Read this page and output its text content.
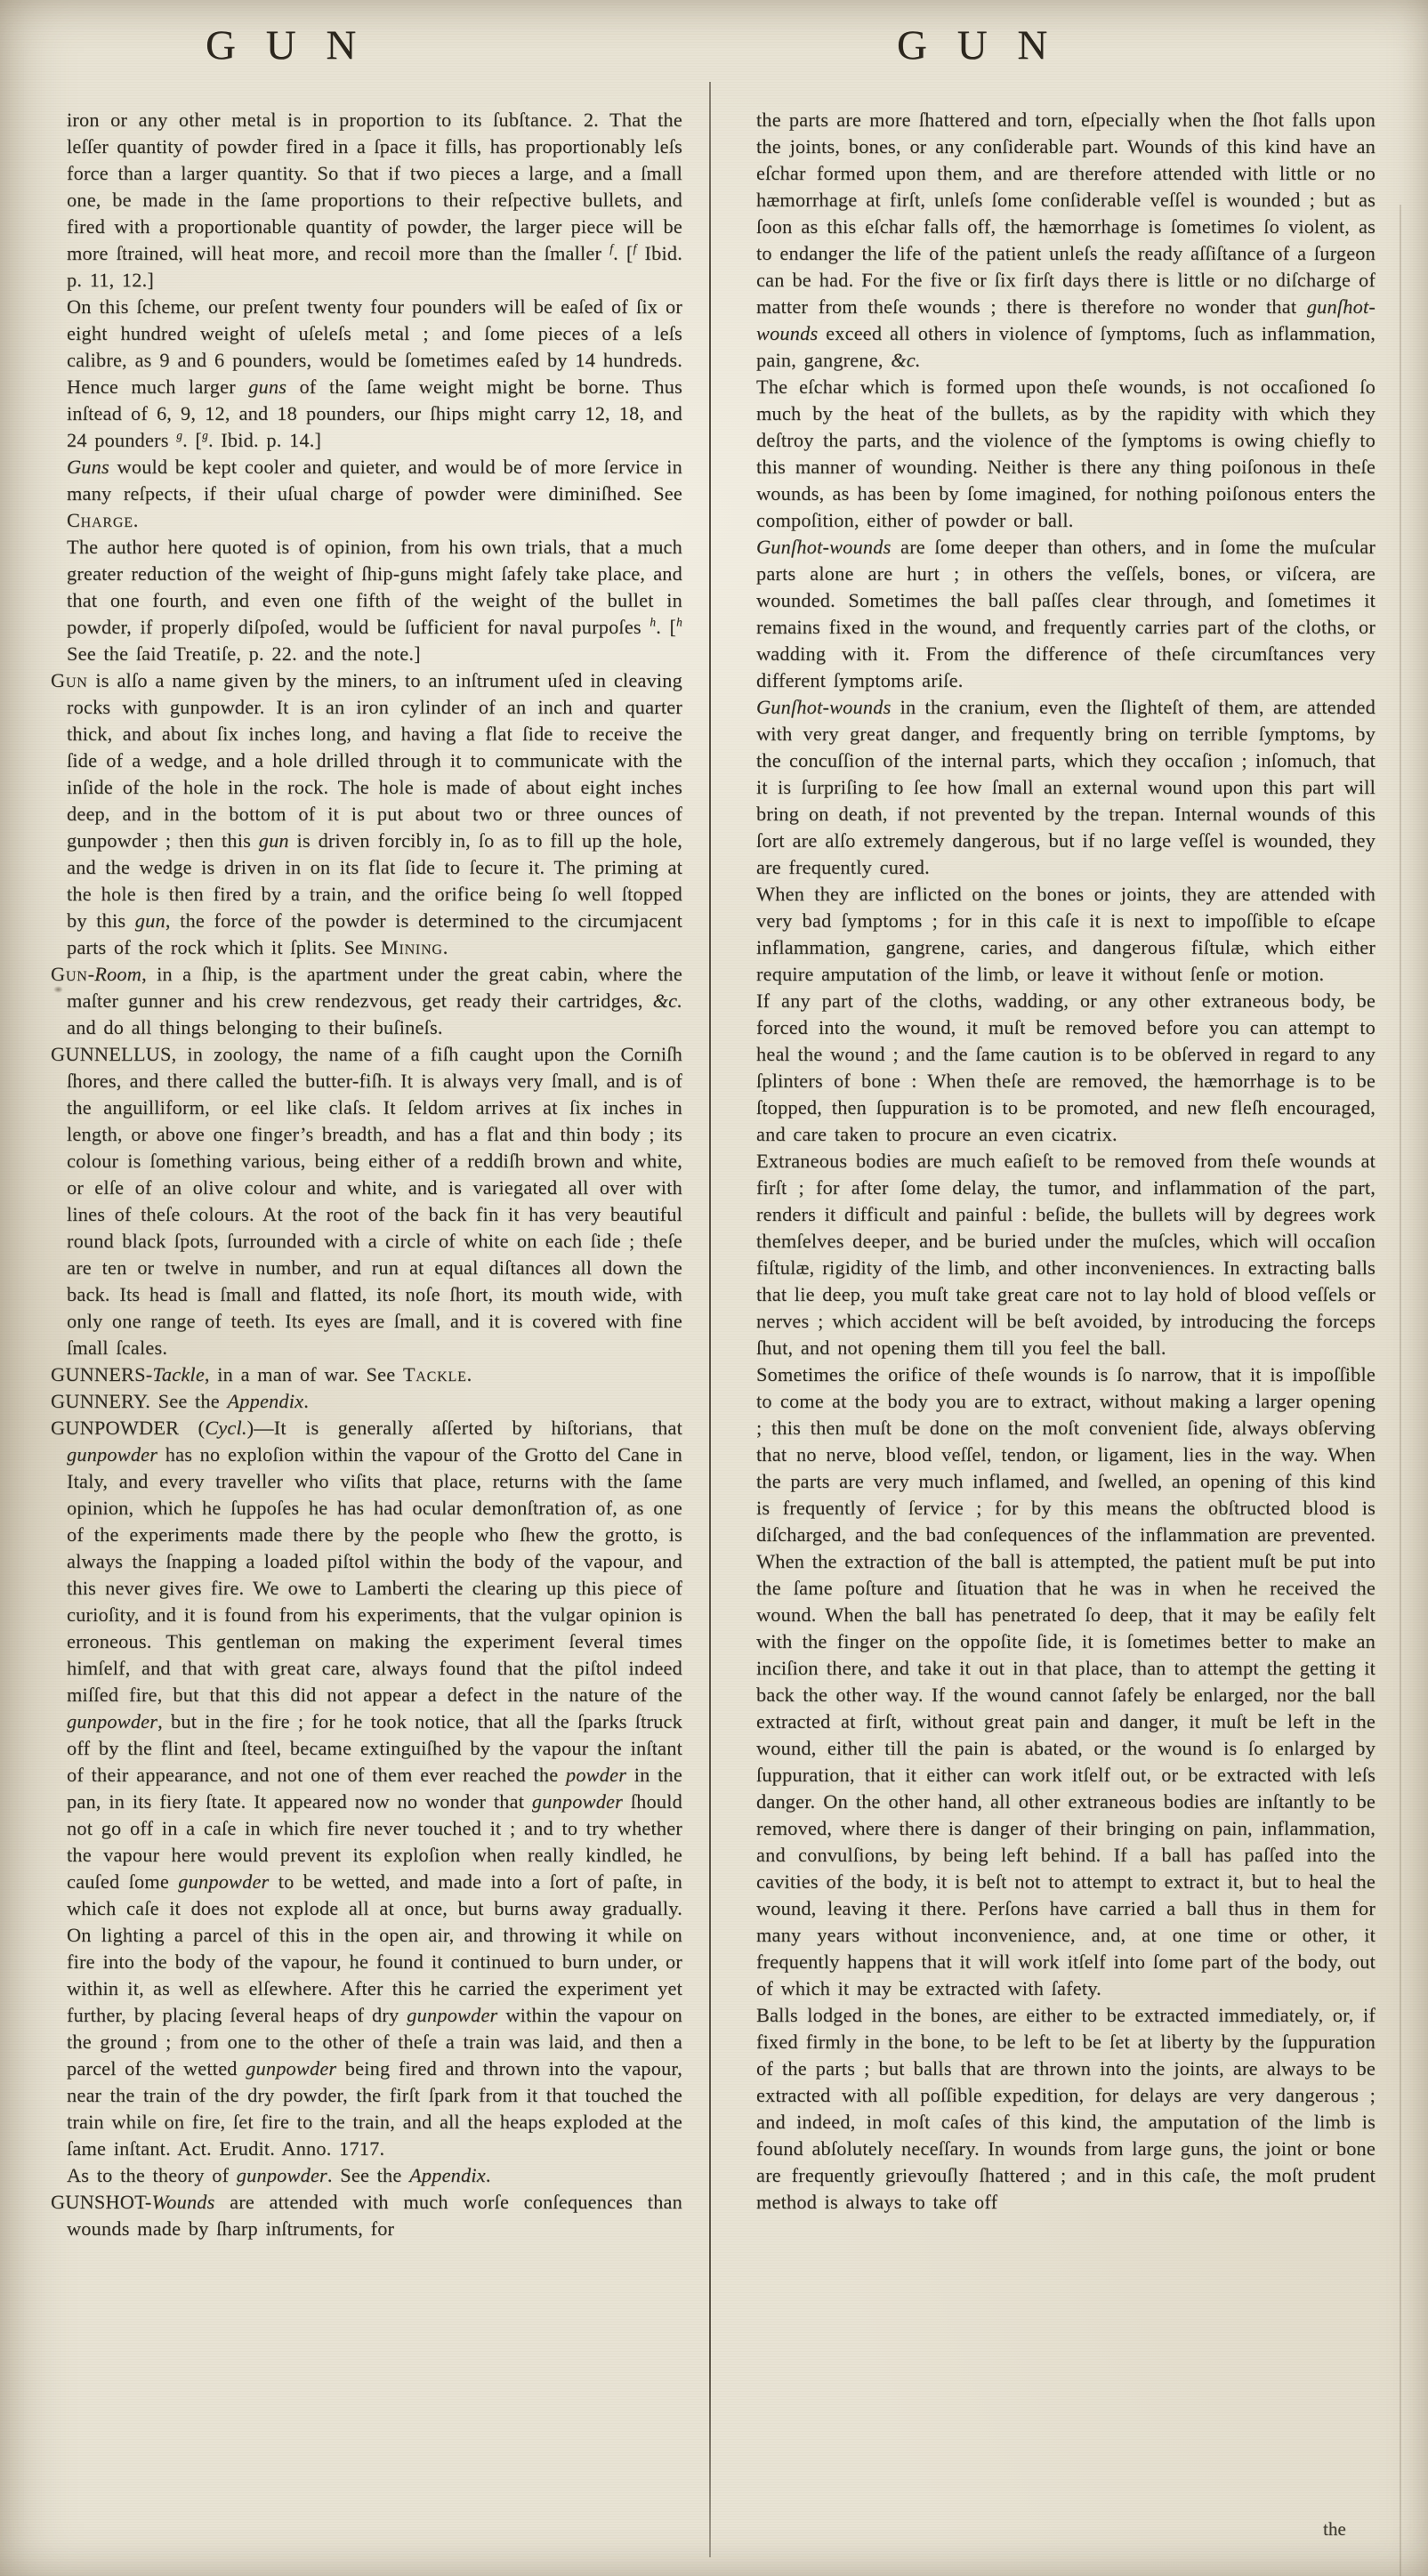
G U N	G U N

iron or any other metal is in proportion to its ſubſtance. 2. That the leſſer quantity of powder fired in a ſpace it fills, has proportionably leſs force than a larger quantity. So that if two pieces a large, and a ſmall one, be made in the ſame proportions to their reſpective bullets, and fired with a proportionable quantity of powder, the larger piece will be more ſtrained, will heat more, and recoil more than the ſmaller $^f$. [$^f$ Ibid. p. 11, 12.]

On this ſcheme, our preſent twenty four pounders will be eaſed of ſix or eight hundred weight of uſeleſs metal ; and ſome pieces of a leſs calibre, as 9 and 6 pounders, would be ſometimes eaſed by 14 hundreds. Hence much larger guns of the ſame weight might be borne. Thus inſtead of 6, 9, 12, and 18 pounders, our ſhips might carry 12, 18, and 24 pounders $^g$. [$^g$. Ibid. p. 14.]

Guns would be kept cooler and quieter, and would be of more ſervice in many reſpects, if their uſual charge of powder were diminiſhed. See Charge.

The author here quoted is of opinion, from his own trials, that a much greater reduction of the weight of ſhip-guns might ſafely take place, and that one fourth, and even one fifth of the weight of the bullet in powder, if properly diſpoſed, would be ſufficient for naval purpoſes $^h$. [$^h$ See the ſaid Treatiſe, p. 22. and the note.]

Gun is alſo a name given by the miners, to an inſtrument uſed in cleaving rocks with gunpowder. It is an iron cylinder of an inch and quarter thick, and about ſix inches long, and having a flat ſide to receive the ſide of a wedge, and a hole drilled through it to communicate with the inſide of the hole in the rock. The hole is made of about eight inches deep, and in the bottom of it is put about two or three ounces of gunpowder ; then this gun is driven forcibly in, ſo as to fill up the hole, and the wedge is driven in on its flat ſide to ſecure it. The priming at the hole is then fired by a train, and the orifice being ſo well ſtopped by this gun, the force of the powder is determined to the circumjacent parts of the rock which it ſplits. See Mining.

Gun-Room, in a ſhip, is the apartment under the great cabin, where the maſter gunner and his crew rendezvous, get ready their cartridges, &c. and do all things belonging to their buſineſs.

GUNNELLUS, in zoology, the name of a fiſh caught upon the Corniſh ſhores, and there called the butter-fiſh. It is always very ſmall, and is of the anguilliform, or eel like claſs. It ſeldom arrives at ſix inches in length, or above one finger’s breadth, and has a flat and thin body ; its colour is ſomething various, being either of a reddiſh brown and white, or elſe of an olive colour and white, and is variegated all over with lines of theſe colours. At the root of the back fin it has very beautiful round black ſpots, ſurrounded with a circle of white on each ſide ; theſe are ten or twelve in number, and run at equal diſtances all down the back. Its head is ſmall and flatted, its noſe ſhort, its mouth wide, with only one range of teeth. Its eyes are ſmall, and it is covered with fine ſmall ſcales.

GUNNERS-Tackle, in a man of war. See Tackle.

GUNNERY. See the Appendix.

GUNPOWDER (Cycl.)—It is generally aſſerted by hiſtorians, that gunpowder has no exploſion within the vapour of the Grotto del Cane in Italy, and every traveller who viſits that place, returns with the ſame opinion, which he ſuppoſes he has had ocular demonſtration of, as one of the experiments made there by the people who ſhew the grotto, is always the ſnapping a loaded piſtol within the body of the vapour, and this never gives fire. We owe to Lamberti the clearing up this piece of curioſity, and it is found from his experiments, that the vulgar opinion is erroneous. This gentleman on making the experiment ſeveral times himſelf, and that with great care, always found that the piſtol indeed miſſed fire, but that this did not appear a defect in the nature of the gunpowder, but in the fire ; for he took notice, that all the ſparks ſtruck off by the flint and ſteel, became extinguiſhed by the vapour the inſtant of their appearance, and not one of them ever reached the powder in the pan, in its fiery ſtate. It appeared now no wonder that gunpowder ſhould not go off in a caſe in which fire never touched it ; and to try whether the vapour here would prevent its exploſion when really kindled, he cauſed ſome gunpowder to be wetted, and made into a ſort of paſte, in which caſe it does not explode all at once, but burns away gradually. On lighting a parcel of this in the open air, and throwing it while on fire into the body of the vapour, he found it continued to burn under, or within it, as well as elſewhere. After this he carried the experiment yet further, by placing ſeveral heaps of dry gunpowder within the vapour on the ground ; from one to the other of theſe a train was laid, and then a parcel of the wetted gunpowder being fired and thrown into the vapour, near the train of the dry powder, the firſt ſpark from it that touched the train while on fire, ſet fire to the train, and all the heaps exploded at the ſame inſtant. Act. Erudit. Anno. 1717.

As to the theory of gunpowder. See the Appendix.

GUNSHOT-Wounds are attended with much worſe conſequences than wounds made by ſharp inſtruments, for

the parts are more ſhattered and torn, eſpecially when the ſhot falls upon the joints, bones, or any conſiderable part. Wounds of this kind have an eſchar formed upon them, and are therefore attended with little or no hæmorrhage at firſt, unleſs ſome conſiderable veſſel is wounded ; but as ſoon as this eſchar falls off, the hæmorrhage is ſometimes ſo violent, as to endanger the life of the patient unleſs the ready aſſiſtance of a ſurgeon can be had. For the five or ſix firſt days there is little or no diſcharge of matter from theſe wounds ; there is therefore no wonder that gunſhot-wounds exceed all others in violence of ſymptoms, ſuch as inflammation, pain, gangrene, &c.

The eſchar which is formed upon theſe wounds, is not occaſioned ſo much by the heat of the bullets, as by the rapidity with which they deſtroy the parts, and the violence of the ſymptoms is owing chiefly to this manner of wounding. Neither is there any thing poiſonous in theſe wounds, as has been by ſome imagined, for nothing poiſonous enters the compoſition, either of powder or ball.

Gunſhot-wounds are ſome deeper than others, and in ſome the muſcular parts alone are hurt ; in others the veſſels, bones, or viſcera, are wounded. Sometimes the ball paſſes clear through, and ſometimes it remains fixed in the wound, and frequently carries part of the cloths, or wadding with it. From the difference of theſe circumſtances very different ſymptoms ariſe.

Gunſhot-wounds in the cranium, even the ſlighteſt of them, are attended with very great danger, and frequently bring on terrible ſymptoms, by the concuſſion of the internal parts, which they occaſion ; inſomuch, that it is ſurpriſing to ſee how ſmall an external wound upon this part will bring on death, if not prevented by the trepan. Internal wounds of this ſort are alſo extremely dangerous, but if no large veſſel is wounded, they are frequently cured.

When they are inflicted on the bones or joints, they are attended with very bad ſymptoms ; for in this caſe it is next to impoſſible to eſcape inflammation, gangrene, caries, and dangerous fiſtulæ, which either require amputation of the limb, or leave it without ſenſe or motion.

If any part of the cloths, wadding, or any other extraneous body, be forced into the wound, it muſt be removed before you can attempt to heal the wound ; and the ſame caution is to be obſerved in regard to any ſplinters of bone : When theſe are removed, the hæmorrhage is to be ſtopped, then ſuppuration is to be promoted, and new fleſh encouraged, and care taken to procure an even cicatrix.

Extraneous bodies are much eaſieſt to be removed from theſe wounds at firſt ; for after ſome delay, the tumor, and inflammation of the part, renders it difficult and painful : beſide, the bullets will by degrees work themſelves deeper, and be buried under the muſcles, which will occaſion fiſtulæ, rigidity of the limb, and other inconveniences. In extracting balls that lie deep, you muſt take great care not to lay hold of blood veſſels or nerves ; which accident will be beſt avoided, by introducing the forceps ſhut, and not opening them till you feel the ball.

Sometimes the orifice of theſe wounds is ſo narrow, that it is impoſſible to come at the body you are to extract, without making a larger opening ; this then muſt be done on the moſt convenient ſide, always obſerving that no nerve, blood veſſel, tendon, or ligament, lies in the way. When the parts are very much inflamed, and ſwelled, an opening of this kind is frequently of ſervice ; for by this means the obſtructed blood is diſcharged, and the bad conſequences of the inflammation are prevented. When the extraction of the ball is attempted, the patient muſt be put into the ſame poſture and ſituation that he was in when he received the wound. When the ball has penetrated ſo deep, that it may be eaſily felt with the finger on the oppoſite ſide, it is ſometimes better to make an inciſion there, and take it out in that place, than to attempt the getting it back the other way. If the wound cannot ſafely be enlarged, nor the ball extracted at firſt, without great pain and danger, it muſt be left in the wound, either till the pain is abated, or the wound is ſo enlarged by ſuppuration, that it either can work itſelf out, or be extracted with leſs danger. On the other hand, all other extraneous bodies are inſtantly to be removed, where there is danger of their bringing on pain, inflammation, and convulſions, by being left behind. If a ball has paſſed into the cavities of the body, it is beſt not to attempt to extract it, but to heal the wound, leaving it there. Perſons have carried a ball thus in them for many years without inconvenience, and, at one time or other, it frequently happens that it will work itſelf into ſome part of the body, out of which it may be extracted with ſafety.

Balls lodged in the bones, are either to be extracted immediately, or, if fixed firmly in the bone, to be left to be ſet at liberty by the ſuppuration of the parts ; but balls that are thrown into the joints, are always to be extracted with all poſſible expedition, for delays are very dangerous ; and indeed, in moſt caſes of this kind, the amputation of the limb is found abſolutely neceſſary. In wounds from large guns, the joint or bone are frequently grievouſly ſhattered ; and in this caſe, the moſt prudent method is always to take off

the
